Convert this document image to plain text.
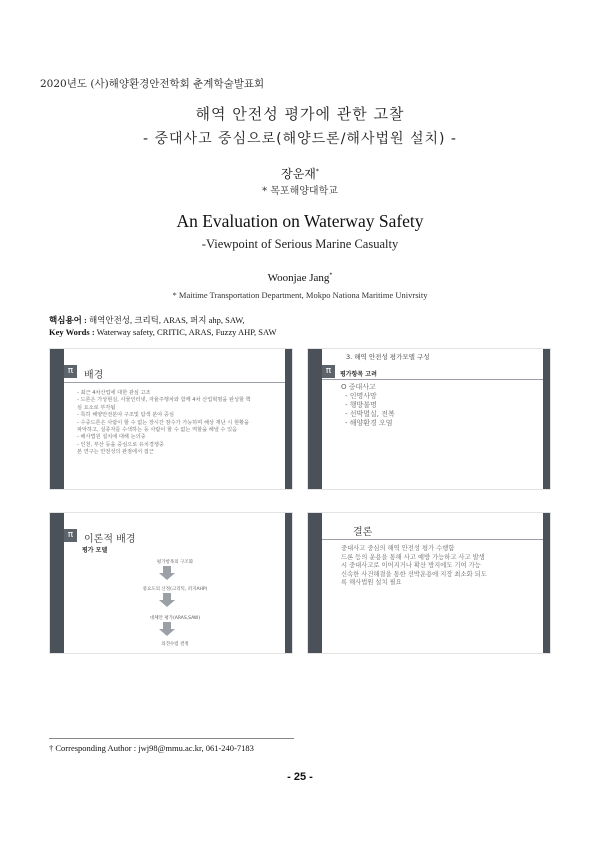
2020년도 (사)해양환경안전학회 춘계학술발표회
해역 안전성 평가에 관한 고찰
- 중대사고 중심으로(해양드론/해사법원 설치) -
장운재*
* 목포해양대학교
An Evaluation on Waterway Safety
-Viewpoint of Serious Marine Casualty
Woonjae Jang*
* Maitime Transportation Department, Mokpo Nationa Maritime Univrsity
핵심용어 : 해역안전성, 크리틱, ARAS, 퍼지 ahp, SAW,
Key Words : Waterway safety, CRITIC, ARAS, Fuzzy AHP, SAW
π	배경
- 최근 4차산업에 대한 관심 고조
- 드론은 가상현실, 사물인터넷, 자율주행차와 함께 4차 산업혁명을 완성할 핵
심 요소로 부각됨
- 특히 해양안전분야 구조및 탐색 분야 중심
- 수중드론은 사람이 할 수 없는 장시간 잠수가 가능하며 해상 재난 시 현황을
파악하고, 실종자를 수색하는 등 사람이 할 수 없는 역할을 해낼 수 있음
- 해사법원 설치에 대해 논의중
- 인천, 부산 등을 중심으로 유치경쟁중
본 연구는 안전성의 관점에서 접근
3. 해역 안전성 평가모델 구성
π	평가항목 고려
O 중대사고
- 인명사망
- 행방불명
- 선박멸실, 전복
- 해양환경 오염
π	이론적 배경
평가 모델
평가항목의 구조화
중요도의 산정(크리틱, 퍼지AHP)
대체안 평가(ARAS,SAW)
의견수렴 결정
결론
중대사고 중심의 해역 안전성 평가 수행함
드론 등의 운용을 통해 사고 예방 가능하고 사고 발생
시 중대사고로 이어지거나 확산 방지에도 기여 가능
신속한 사건해결을 통한 선박운용에 지장 최소화 되도
록 해사법원 설치 필요
† Corresponding Author : jwj98@mmu.ac.kr, 061-240-7183
- 25 -
